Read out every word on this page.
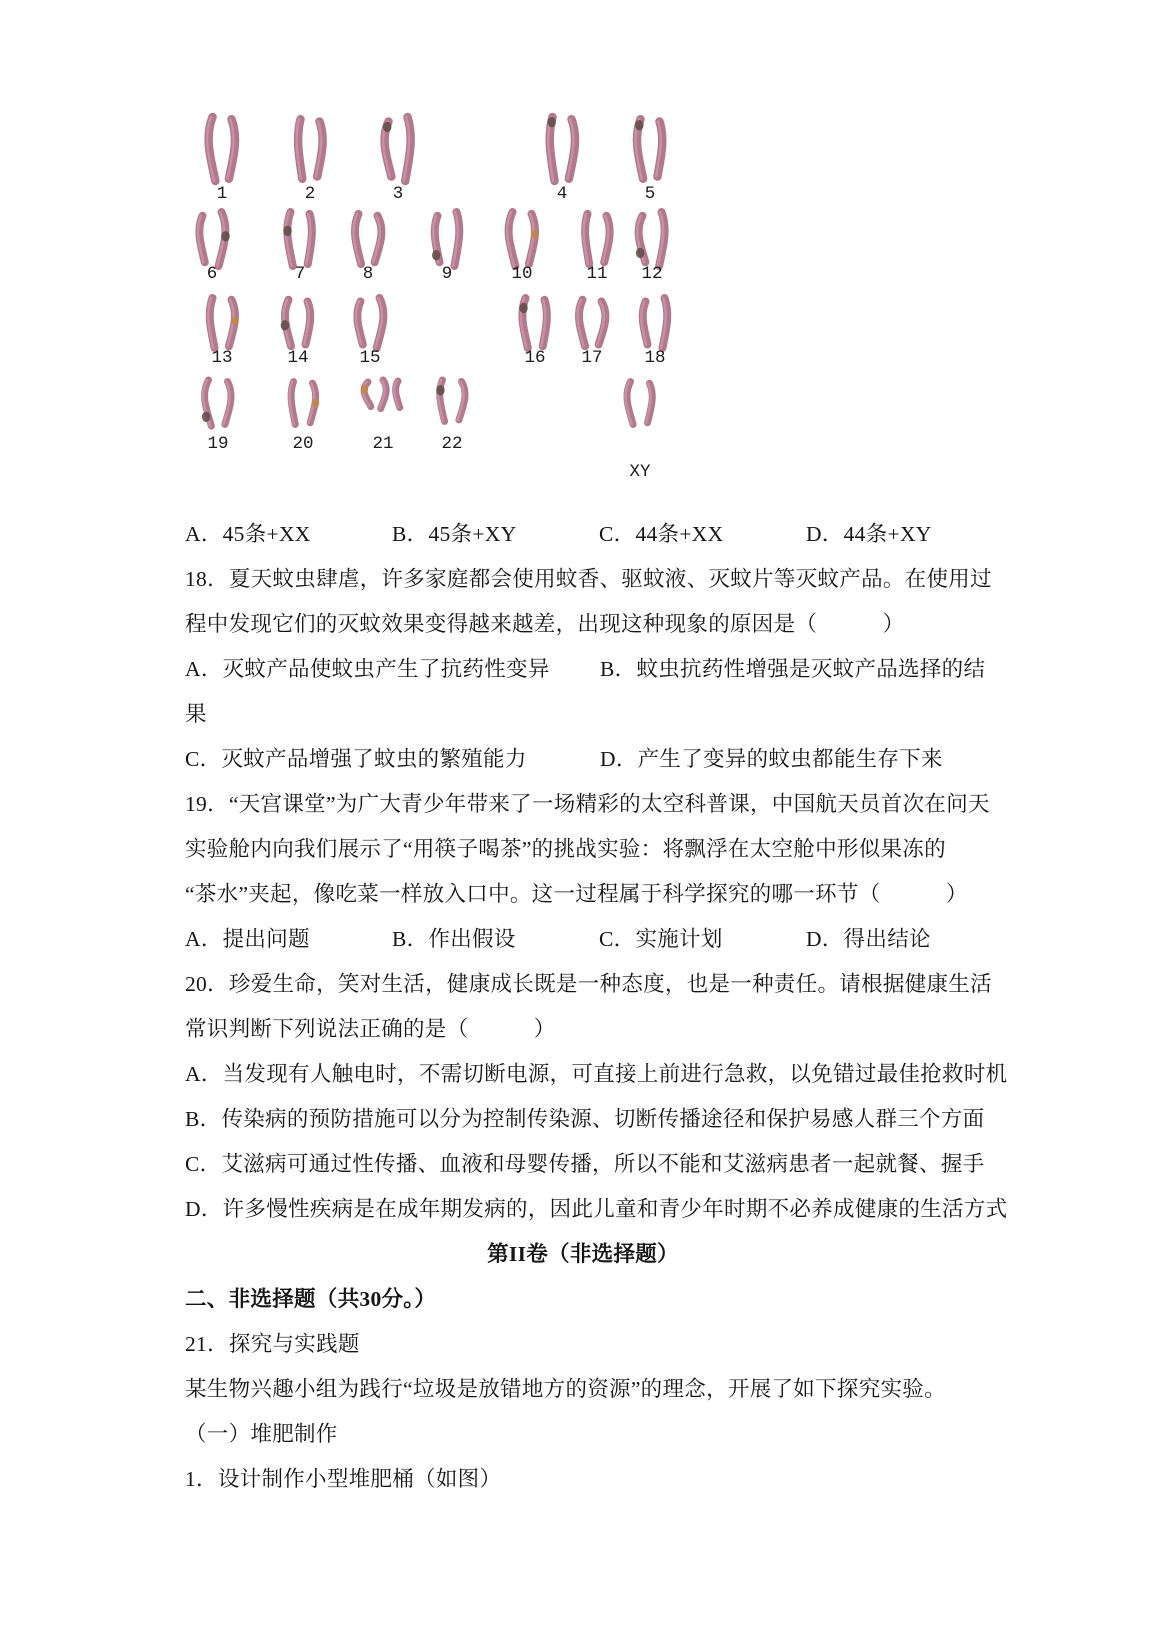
1	2	3	4	5
6	7	8	9	10	11 12
13	14	15	16 17 18
19	20	21	22
XY
A．45条+XX	B．45条+XY	C．44条+XX	D．44条+XY
18．夏天蚊虫肆虐，许多家庭都会使用蚊香、驱蚊液、灭蚊片等灭蚊产品。在使用过
程中发现它们的灭蚊效果变得越来越差，出现这种现象的原因是（　　　）
A．灭蚊产品使蚊虫产生了抗药性变异	B．蚊虫抗药性增强是灭蚊产品选择的结
果
C．灭蚊产品增强了蚊虫的繁殖能力	D．产生了变异的蚊虫都能生存下来
19．“天宫课堂”为广大青少年带来了一场精彩的太空科普课，中国航天员首次在问天
实验舱内向我们展示了“用筷子喝茶”的挑战实验：将飘浮在太空舱中形似果冻的
“茶水”夹起，像吃菜一样放入口中。这一过程属于科学探究的哪一环节（　　　）
A．提出问题	B．作出假设	C．实施计划	D．得出结论
20．珍爱生命，笑对生活，健康成长既是一种态度，也是一种责任。请根据健康生活
常识判断下列说法正确的是（　　　）
A．当发现有人触电时，不需切断电源，可直接上前进行急救，以免错过最佳抢救时机
B．传染病的预防措施可以分为控制传染源、切断传播途径和保护易感人群三个方面
C．艾滋病可通过性传播、血液和母婴传播，所以不能和艾滋病患者一起就餐、握手
D．许多慢性疾病是在成年期发病的，因此儿童和青少年时期不必养成健康的生活方式
第II卷（非选择题）
二、非选择题（共30分。）
21．探究与实践题
某生物兴趣小组为践行“垃圾是放错地方的资源”的理念，开展了如下探究实验。
（一）堆肥制作
1．设计制作小型堆肥桶（如图）
